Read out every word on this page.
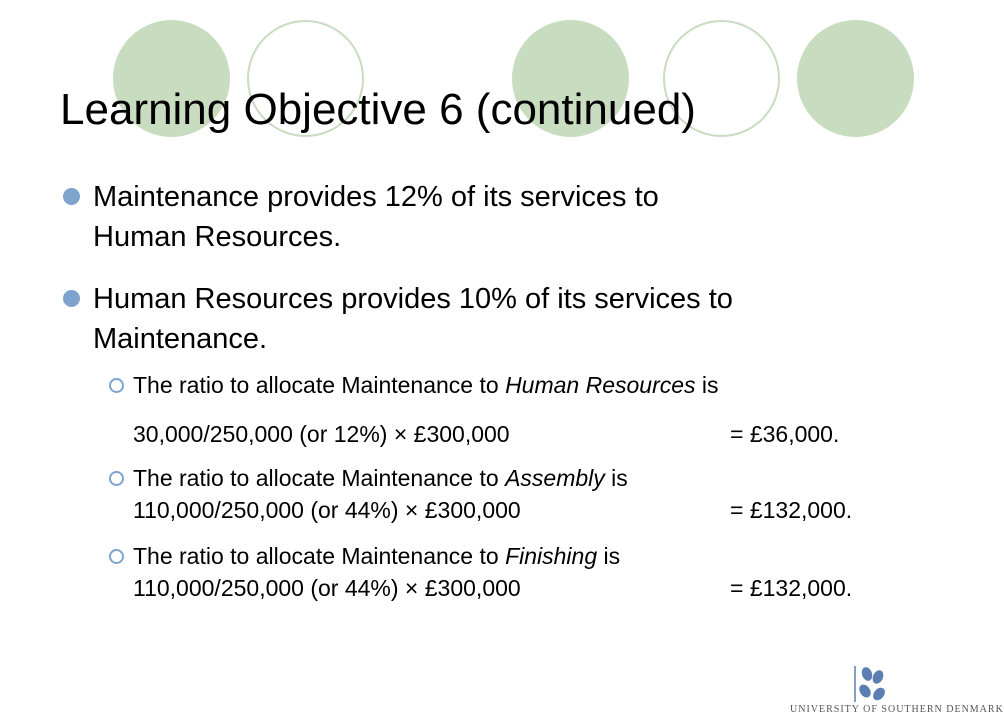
Learning Objective 6 (continued)
Maintenance provides 12% of its services to
Human Resources.
Human Resources provides 10% of its services to
Maintenance.
The ratio to allocate Maintenance to Human Resources is
30,000/250,000 (or 12%) × £300,000	= £36,000.
The ratio to allocate Maintenance to Assembly is
110,000/250,000 (or 44%) × £300,000	= £132,000.
The ratio to allocate Maintenance to Finishing is
110,000/250,000 (or 44%) × £300,000	= £132,000.
UNIVERSITY OF SOUTHERN DENMARK
